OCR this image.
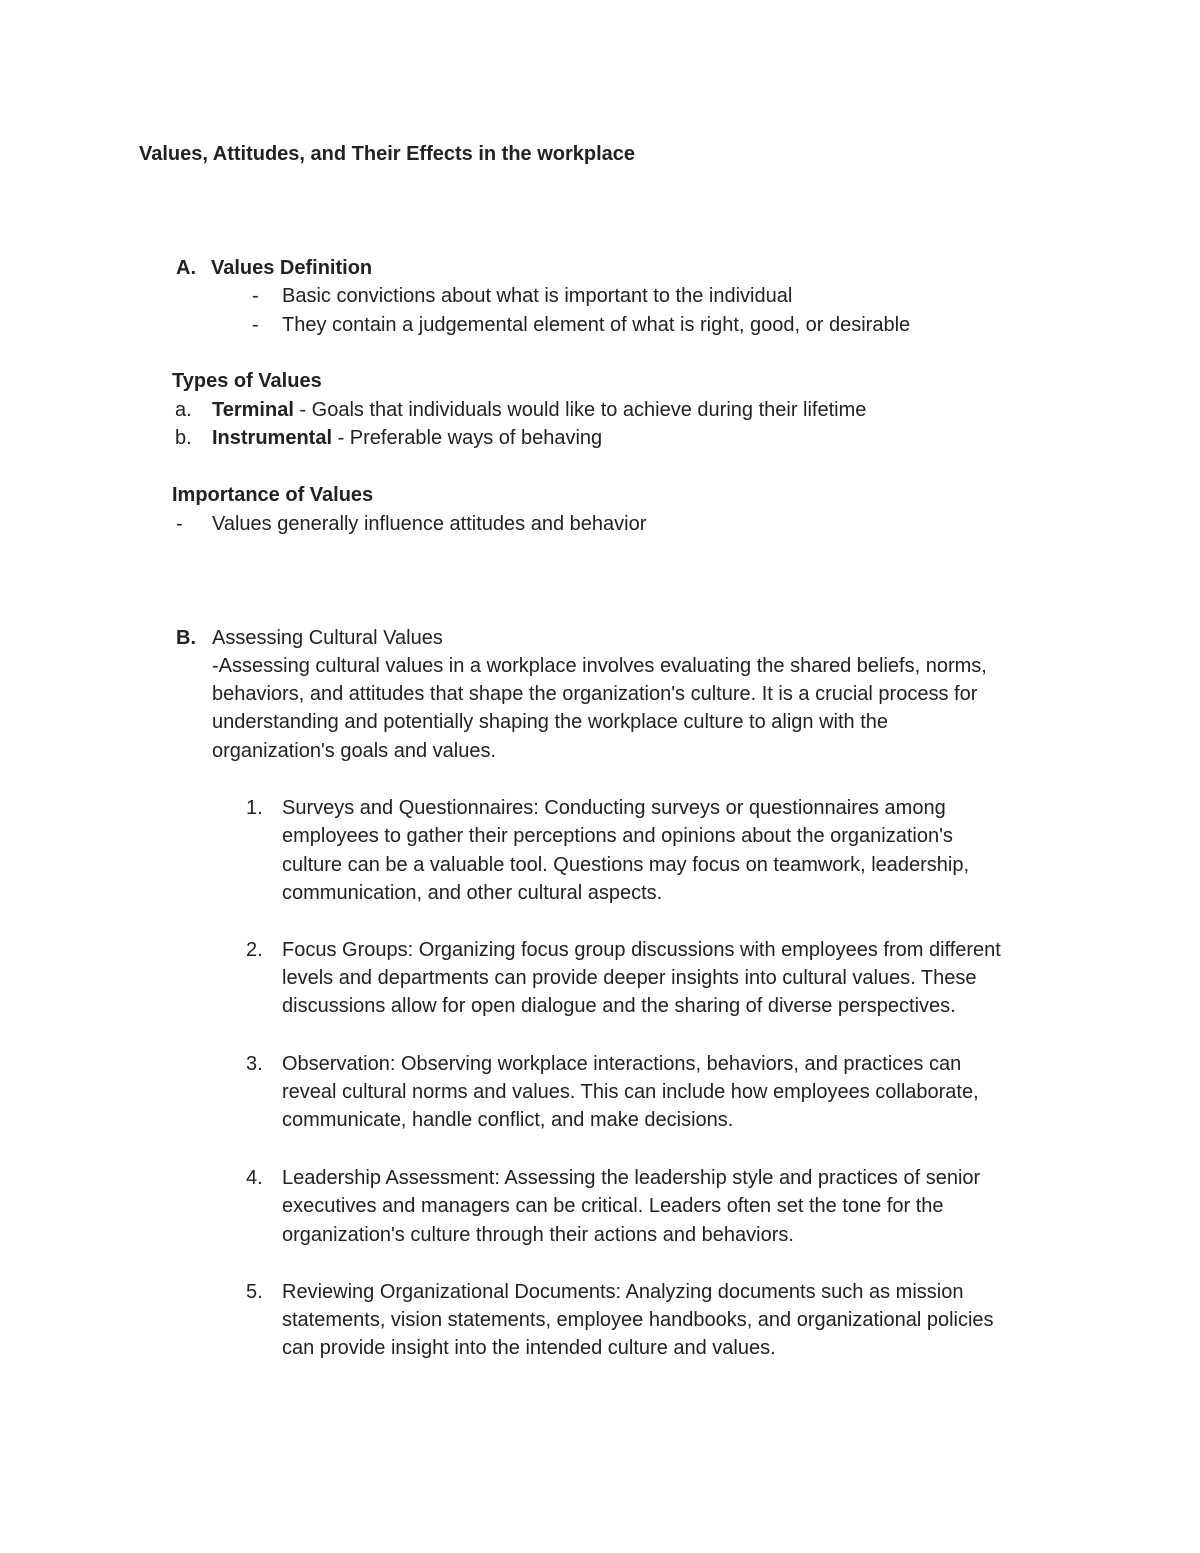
Values, Attitudes, and Their Effects in the workplace
A. Values Definition
- Basic convictions about what is important to the individual
- They contain a judgemental element of what is right, good, or desirable
Types of Values
a. Terminal - Goals that individuals would like to achieve during their lifetime
b. Instrumental - Preferable ways of behaving
Importance of Values
- Values generally influence attitudes and behavior
B. Assessing Cultural Values
-Assessing cultural values in a workplace involves evaluating the shared beliefs, norms,
behaviors, and attitudes that shape the organization's culture. It is a crucial process for
understanding and potentially shaping the workplace culture to align with the
organization's goals and values.
1. Surveys and Questionnaires: Conducting surveys or questionnaires among
employees to gather their perceptions and opinions about the organization's
culture can be a valuable tool. Questions may focus on teamwork, leadership,
communication, and other cultural aspects.
2. Focus Groups: Organizing focus group discussions with employees from different
levels and departments can provide deeper insights into cultural values. These
discussions allow for open dialogue and the sharing of diverse perspectives.
3. Observation: Observing workplace interactions, behaviors, and practices can
reveal cultural norms and values. This can include how employees collaborate,
communicate, handle conflict, and make decisions.
4. Leadership Assessment: Assessing the leadership style and practices of senior
executives and managers can be critical. Leaders often set the tone for the
organization's culture through their actions and behaviors.
5. Reviewing Organizational Documents: Analyzing documents such as mission
statements, vision statements, employee handbooks, and organizational policies
can provide insight into the intended culture and values.
